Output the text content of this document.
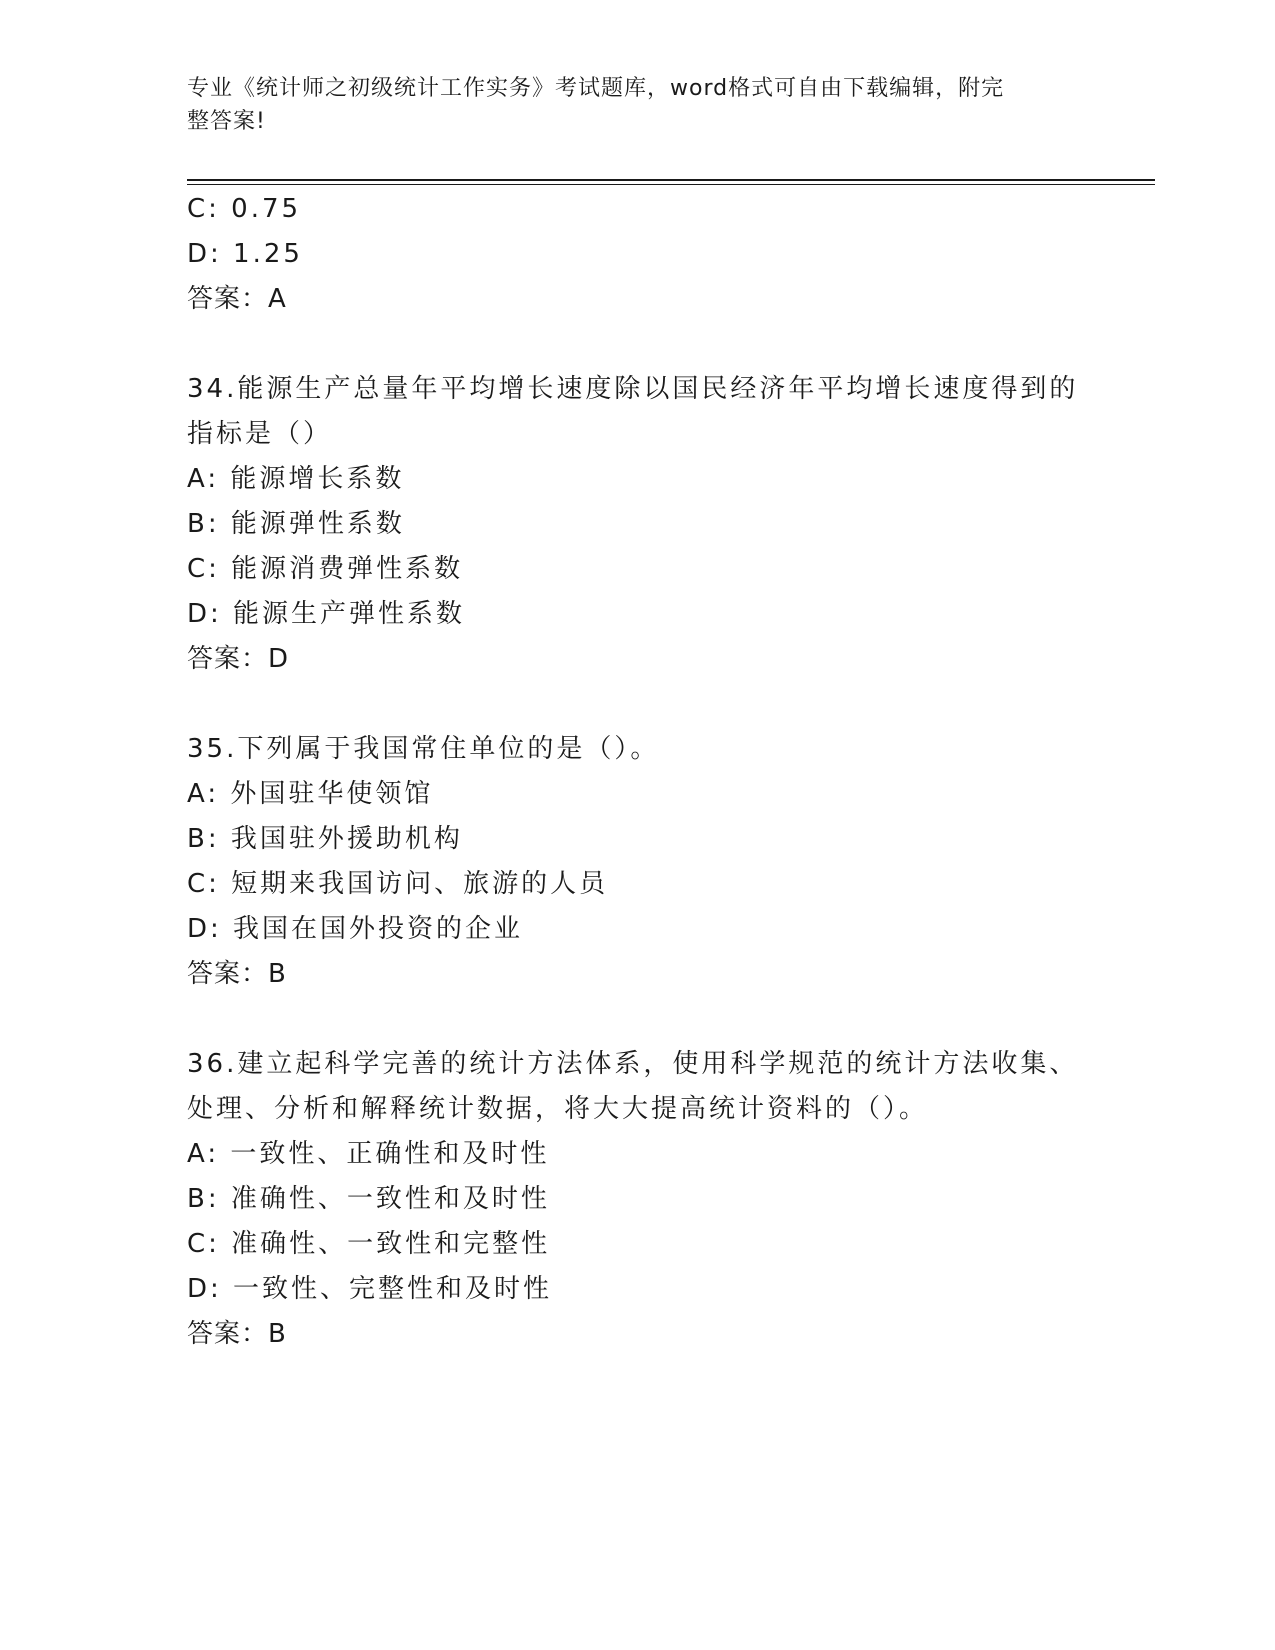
专业《统计师之初级统计工作实务》考试题库，word格式可自由下载编辑，附完
整答案!
C: 0.75
D: 1.25
答案：A
34.能源生产总量年平均增长速度除以国民经济年平均增长速度得到的
指标是（）
A: 能源增长系数
B: 能源弹性系数
C: 能源消费弹性系数
D: 能源生产弹性系数
答案：D
35.下列属于我国常住单位的是（）。
A: 外国驻华使领馆
B: 我国驻外援助机构
C: 短期来我国访问、旅游的人员
D: 我国在国外投资的企业
答案：B
36.建立起科学完善的统计方法体系，使用科学规范的统计方法收集、
处理、分析和解释统计数据，将大大提高统计资料的（）。
A: 一致性、正确性和及时性
B: 准确性、一致性和及时性
C: 准确性、一致性和完整性
D: 一致性、完整性和及时性
答案：B
